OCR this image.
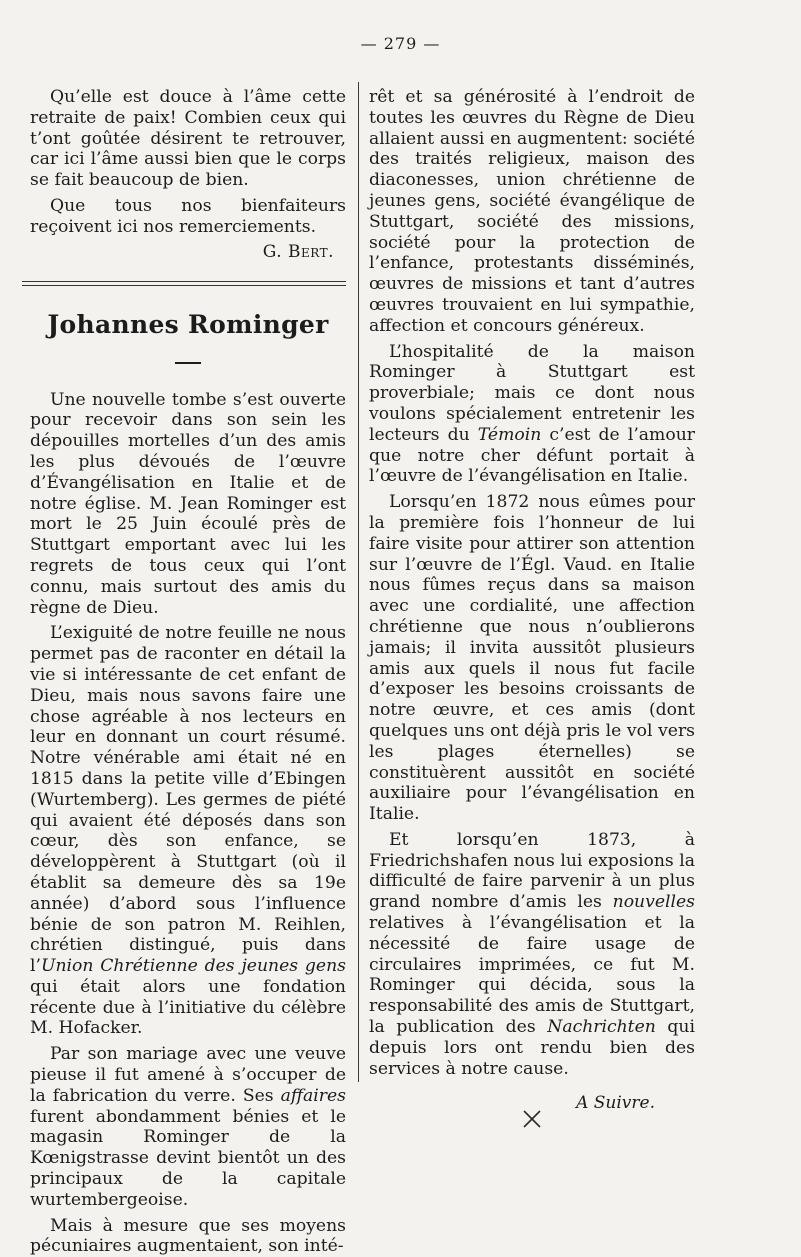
— 279 —

Qu’elle est douce à l’âme cette retraite de paix! Combien ceux qui t’ont goûtée désirent te retrouver, car ici l’âme aussi bien que le corps se fait beaucoup de bien.

Que tous nos bienfaiteurs reçoivent ici nos remerciements.

G. Bert.
Johannes Rominger

Une nouvelle tombe s’est ouverte pour recevoir dans son sein les dépouilles mortelles d’un des amis les plus dévoués de l’œuvre d’Évangélisation en Italie et de notre église. M. Jean Rominger est mort le 25 Juin écoulé près de Stuttgart emportant avec lui les regrets de tous ceux qui l’ont connu, mais surtout des amis du règne de Dieu.

L’exiguité de notre feuille ne nous permet pas de raconter en détail la vie si intéressante de cet enfant de Dieu, mais nous savons faire une chose agréable à nos lecteurs en leur en donnant un court résumé. Notre vénérable ami était né en 1815 dans la petite ville d’Ebingen (Wurtemberg). Les germes de piété qui avaient été déposés dans son cœur, dès son enfance, se développèrent à Stuttgart (où il établit sa demeure dès sa 19e année) d’abord sous l’influence bénie de son patron M. Reihlen, chrétien distingué, puis dans l’Union Chrétienne des jeunes gens qui était alors une fondation récente due à l’initiative du célèbre M. Hofacker.

Par son mariage avec une veuve pieuse il fut amené à s’occuper de la fabrication du verre. Ses affaires furent abondamment bénies et le magasin Rominger de la Kœnigstrasse devint bientôt un des principaux de la capitale wurtembergeoise.

Mais à mesure que ses moyens pécuniaires augmentaient, son inté-

rêt et sa générosité à l’endroit de toutes les œuvres du Règne de Dieu allaient aussi en augmentent: société des traités religieux, maison des diaconesses, union chrétienne de jeunes gens, société évangélique de Stuttgart, société des missions, société pour la protection de l’enfance, protestants disséminés, œuvres de missions et tant d’autres œuvres trouvaient en lui sympathie, affection et concours généreux.

L’hospitalité de la maison Rominger à Stuttgart est proverbiale; mais ce dont nous voulons spécialement entretenir les lecteurs du Témoin c’est de l’amour que notre cher défunt portait à l’œuvre de l’évangélisation en Italie.

Lorsqu’en 1872 nous eûmes pour la première fois l’honneur de lui faire visite pour attirer son attention sur l’œuvre de l’Égl. Vaud. en Italie nous fûmes reçus dans sa maison avec une cordialité, une affection chrétienne que nous n’oublierons jamais; il invita aussitôt plusieurs amis aux quels il nous fut facile d’exposer les besoins croissants de notre œuvre, et ces amis (dont quelques uns ont déjà pris le vol vers les plages éternelles) se constituèrent aussitôt en société auxiliaire pour l’évangélisation en Italie.

Et lorsqu’en 1873, à Friedrichshafen nous lui exposions la difficulté de faire parvenir à un plus grand nombre d’amis les nouvelles relatives à l’évangélisation et la nécessité de faire usage de circulaires imprimées, ce fut M. Rominger qui décida, sous la responsabilité des amis de Stuttgart, la publication des Nachrichten qui depuis lors ont rendu bien des services à notre cause.

A Suivre.
